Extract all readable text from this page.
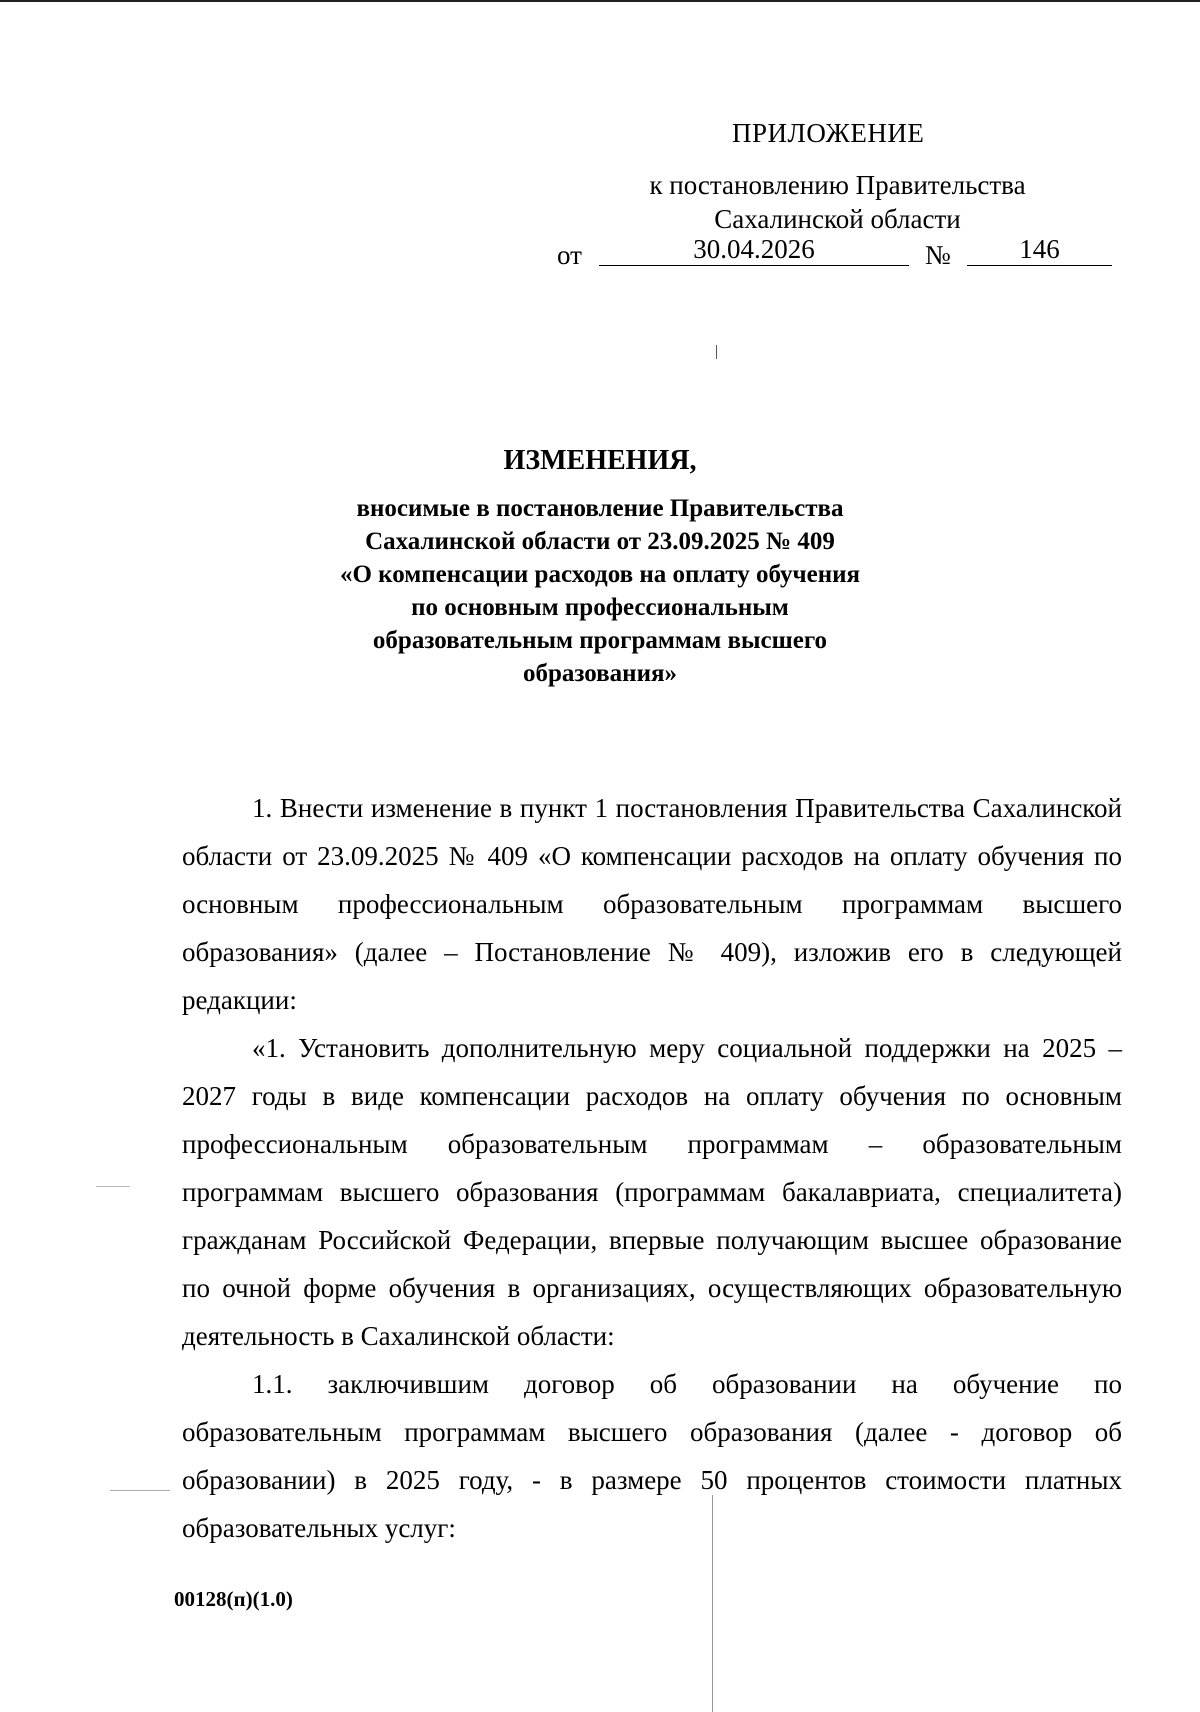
ПРИЛОЖЕНИЕ
к постановлению Правительства
Сахалинской области
от	30.04.2026	№	146
ИЗМЕНЕНИЯ,
вносимые в постановление Правительства
Сахалинской области от 23.09.2025 № 409
«О компенсации расходов на оплату обучения
по основным профессиональным
образовательным программам высшего
образования»

1. Внести изменение в пункт 1 постановления Правительства Сахалинской области от 23.09.2025 № 409 «О компенсации расходов на оплату обучения по основным профессиональным образовательным программам высшего образования» (далее – Постановление № 409), изложив его в следующей редакции:

«1. Установить дополнительную меру социальной поддержки на 2025 – 2027 годы в виде компенсации расходов на оплату обучения по основным профессиональным образовательным программам – образовательным программам высшего образования (программам бакалавриата, специалитета) гражданам Российской Федерации, впервые получающим высшее образование по очной форме обучения в организациях, осуществляющих образовательную деятельность в Сахалинской области:

1.1. заключившим договор об образовании на обучение по образовательным программам высшего образования (далее - договор об образовании) в 2025 году, - в размере 50 процентов стоимости платных образовательных услуг:

00128(п)(1.0)
